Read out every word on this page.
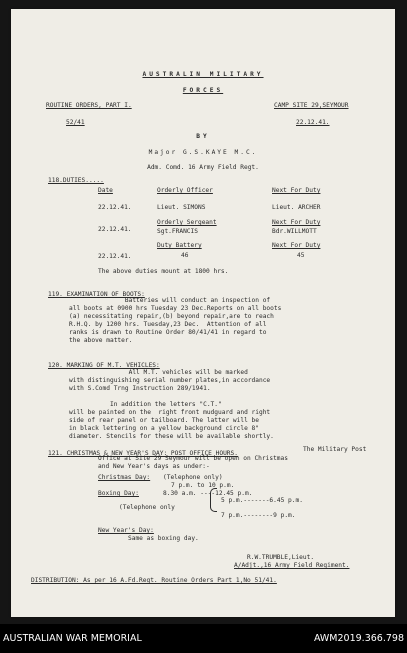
AUSTRALIN MILITARY
FORCES
ROUTINE ORDERS, PART I.	CAMP SITE 29,SEYMOUR
52/41	22.12.41.
BY
Major G.S.KAYE M.C.
Adm. Comd. 16 Army Field Regt.
118.DUTIES.....
Date	Orderly Officer	Next For Duty
22.12.41.	Lieut. SIMONS	Lieut. ARCHER
Orderly Sergeant	Next For Duty
22.12.41.	Sgt.FRANCIS	Bdr.WILLMOTT
Duty Battery	Next For Duty
22.12.41.	46	45
The above duties mount at 1800 hrs.
119. EXAMINATION OF BOOTS:
Batteries will conduct an inspection of
all boots at 0900 hrs Tuesday 23 Dec.Reports on all boots
(a) necessitating repair,(b) beyond repair,are to reach
R.H.Q. by 1200 hrs. Tuesday,23 Dec.  Attention of all
ranks is drawn to Routine Order 80/41/41 in regard to
the above matter.
120. MARKING OF M.T. VEHICLES:
All M.T. vehicles will be marked
with distinguishing serial number plates,in accordance
with S.Comd Trng Instruction 289/1941.

In addition the letters "C.T."
will be painted on the  right front mudguard and right
side of rear panel or tailboard. The latter will be
in black lettering on a yellow background circle 8"
diameter. Stencils for these will be available shortly.
121. CHRISTMAS & NEW YEAR'S DAY: POST OFFICE HOURS.
The Military Post
Office at Site 29 Seymour will be open on Christmas
and New Year's days as under:-
Christmas Day: (Telephone only)
7 p.m. to 10 p.m.
Boxing Day:	8.30 a.m. ----12.45 p.m.
(Telephone only
5 p.m.-------6.45 p.m.
7 p.m.--------9 p.m.
New Year's Day:
Same as boxing day.
R.W.TRUMBLE,Lieut.
A/Adjt.,16 Army Field Regiment.
DISTRIBUTION: As per 16 A.Fd.Regt. Routine Orders Part 1,No 51/41.
AUSTRALIAN WAR MEMORIAL	AWM2019.366.798
